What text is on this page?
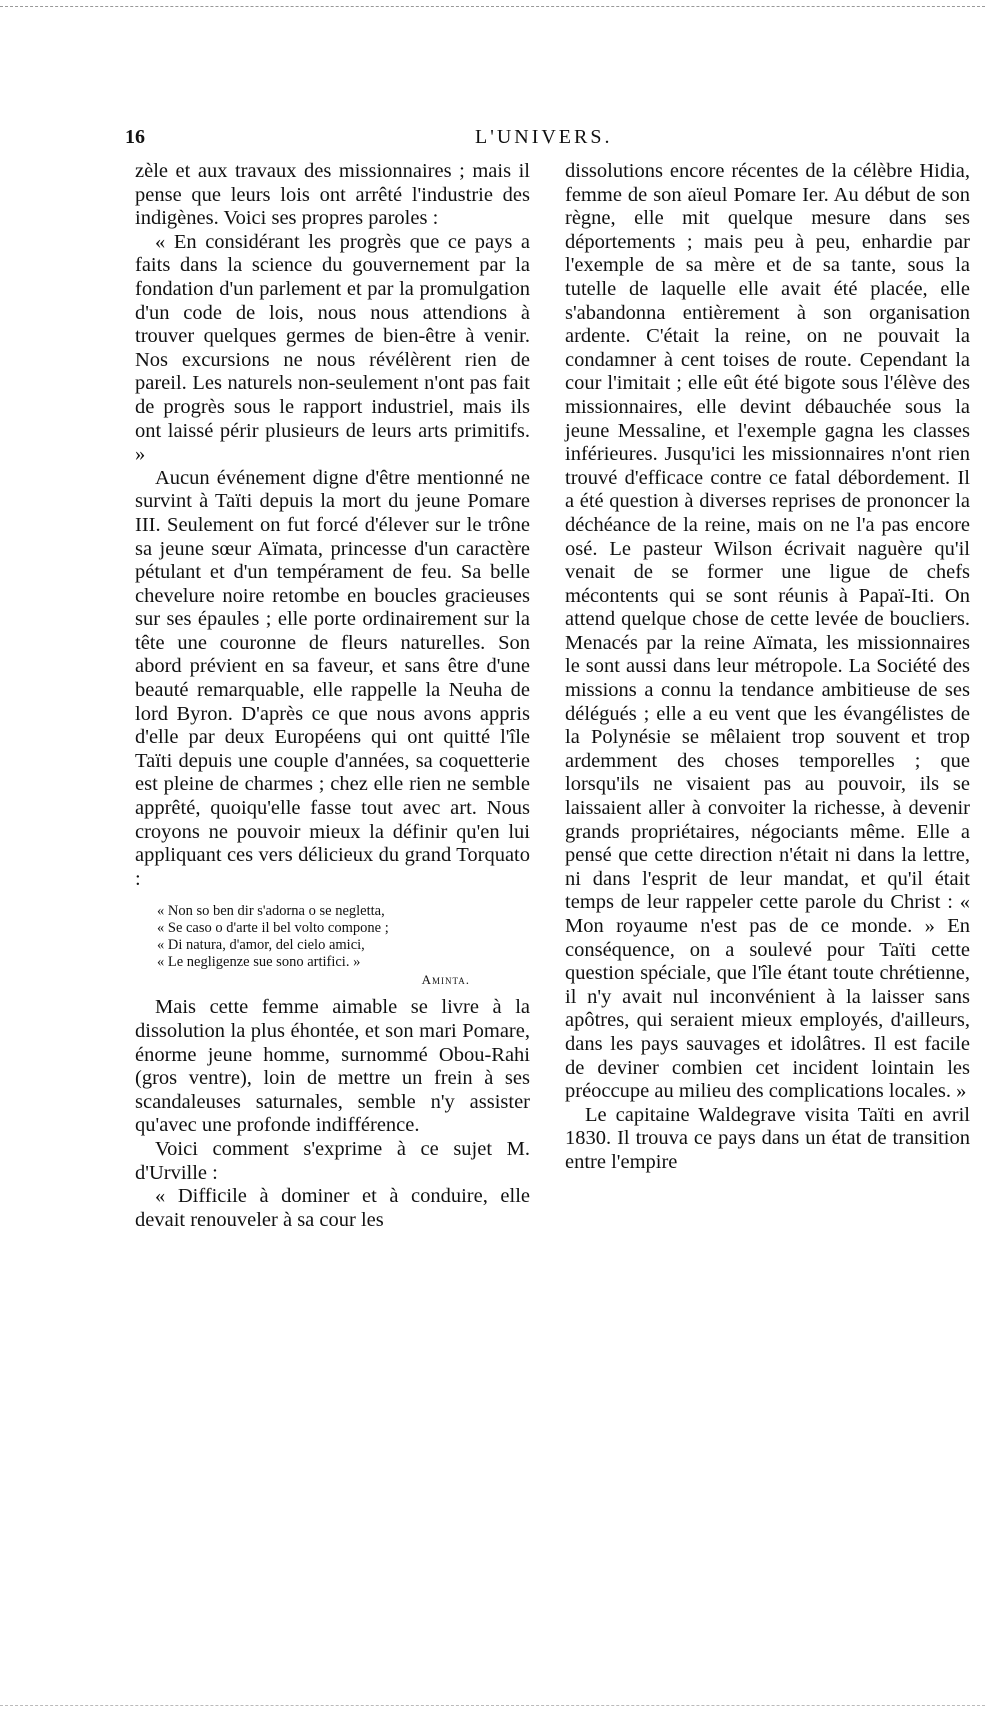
16	L'UNIVERS.

zèle et aux travaux des missionnaires ; mais il pense que leurs lois ont arrêté l'industrie des indigènes. Voici ses propres paroles :

« En considérant les progrès que ce pays a faits dans la science du gouvernement par la fondation d'un parlement et par la promulgation d'un code de lois, nous nous attendions à trouver quelques germes de bien-être à venir. Nos excursions ne nous révélèrent rien de pareil. Les naturels non-seulement n'ont pas fait de progrès sous le rapport industriel, mais ils ont laissé périr plusieurs de leurs arts primitifs. »

Aucun événement digne d'être mentionné ne survint à Taïti depuis la mort du jeune Pomare III. Seulement on fut forcé d'élever sur le trône sa jeune sœur Aïmata, princesse d'un caractère pétulant et d'un tempérament de feu. Sa belle chevelure noire retombe en boucles gracieuses sur ses épaules ; elle porte ordinairement sur la tête une couronne de fleurs naturelles. Son abord prévient en sa faveur, et sans être d'une beauté remarquable, elle rappelle la Neuha de lord Byron. D'après ce que nous avons appris d'elle par deux Européens qui ont quitté l'île Taïti depuis une couple d'années, sa coquetterie est pleine de charmes ; chez elle rien ne semble apprêté, quoiqu'elle fasse tout avec art. Nous croyons ne pouvoir mieux la définir qu'en lui appliquant ces vers délicieux du grand Torquato :

« Non so ben dir s'adorna o se negletta,
« Se caso o d'arte il bel volto compone ;
« Di natura, d'amor, del cielo amici,
« Le negligenze sue sono artifici. »
Aminta.

Mais cette femme aimable se livre à la dissolution la plus éhontée, et son mari Pomare, énorme jeune homme, surnommé Obou-Rahi (gros ventre), loin de mettre un frein à ses scandaleuses saturnales, semble n'y assister qu'avec une profonde indifférence.

Voici comment s'exprime à ce sujet M. d'Urville :

« Difficile à dominer et à conduire, elle devait renouveler à sa cour les

dissolutions encore récentes de la célèbre Hidia, femme de son aïeul Pomare Ier. Au début de son règne, elle mit quelque mesure dans ses déportements ; mais peu à peu, enhardie par l'exemple de sa mère et de sa tante, sous la tutelle de laquelle elle avait été placée, elle s'abandonna entièrement à son organisation ardente. C'était la reine, on ne pouvait la condamner à cent toises de route. Cependant la cour l'imitait ; elle eût été bigote sous l'élève des missionnaires, elle devint débauchée sous la jeune Messaline, et l'exemple gagna les classes inférieures. Jusqu'ici les missionnaires n'ont rien trouvé d'efficace contre ce fatal débordement. Il a été question à diverses reprises de prononcer la déchéance de la reine, mais on ne l'a pas encore osé. Le pasteur Wilson écrivait naguère qu'il venait de se former une ligue de chefs mécontents qui se sont réunis à Papaï-Iti. On attend quelque chose de cette levée de boucliers. Menacés par la reine Aïmata, les missionnaires le sont aussi dans leur métropole. La Société des missions a connu la tendance ambitieuse de ses délégués ; elle a eu vent que les évangélistes de la Polynésie se mêlaient trop souvent et trop ardemment des choses temporelles ; que lorsqu'ils ne visaient pas au pouvoir, ils se laissaient aller à convoiter la richesse, à devenir grands propriétaires, négociants même. Elle a pensé que cette direction n'était ni dans la lettre, ni dans l'esprit de leur mandat, et qu'il était temps de leur rappeler cette parole du Christ : « Mon royaume n'est pas de ce monde. » En conséquence, on a soulevé pour Taïti cette question spéciale, que l'île étant toute chrétienne, il n'y avait nul inconvénient à la laisser sans apôtres, qui seraient mieux employés, d'ailleurs, dans les pays sauvages et idolâtres. Il est facile de deviner combien cet incident lointain les préoccupe au milieu des complications locales. »

Le capitaine Waldegrave visita Taïti en avril 1830. Il trouva ce pays dans un état de transition entre l'empire
